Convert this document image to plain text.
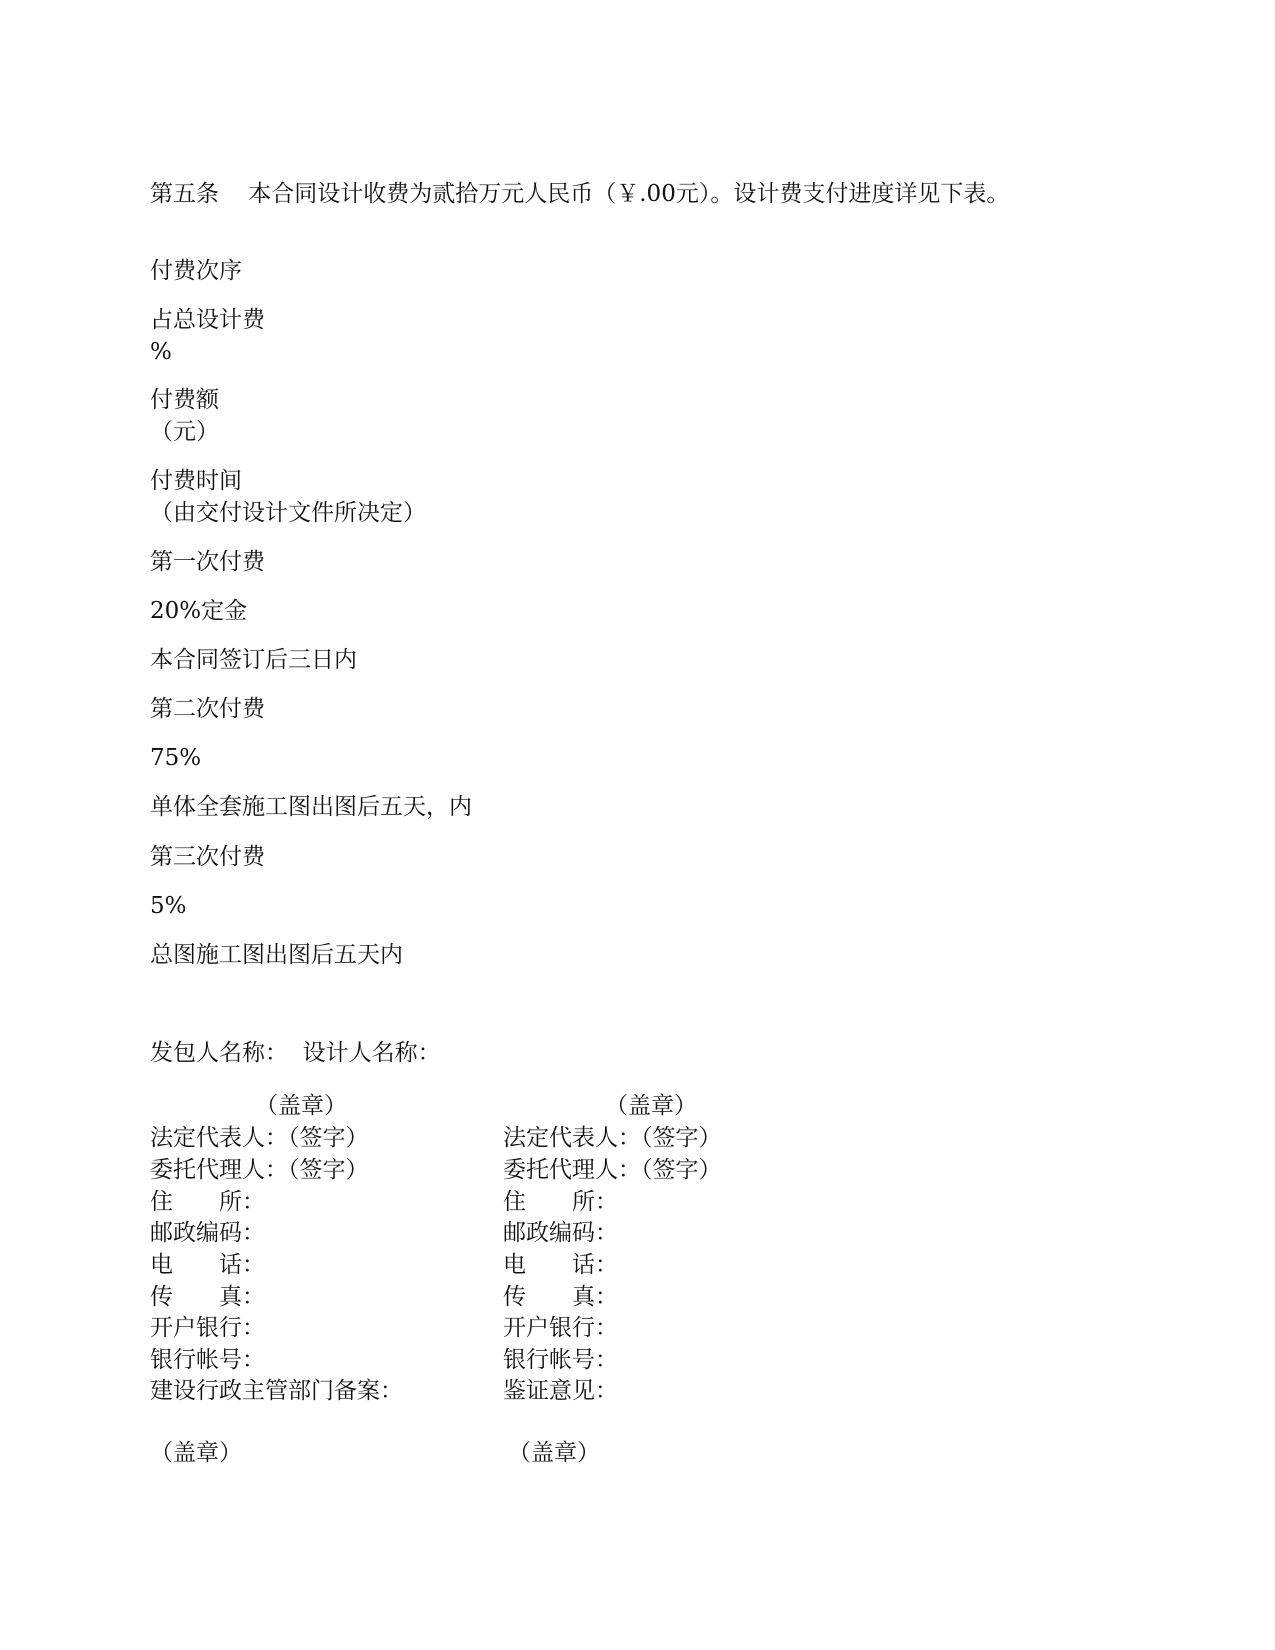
第五条 本合同设计收费为贰拾万元人民币（￥.00元）。设计费支付进度详见下表。
付费次序
占总设计费
%
付费额
（元）
付费时间
（由交付设计文件所决定）
第一次付费
20%定金
本合同签订后三日内
第二次付费
75%
单体全套施工图出图后五天，内
第三次付费
5%
总图施工图出图后五天内
发包人名称：  设计人名称：
（盖章）
法定代表人：（签字）
委托代理人：（签字）
住　　所：
邮政编码：
电　　话：
传　　真：
开户银行：
银行帐号：
建设行政主管部门备案：
（盖章）
（盖章）
法定代表人：（签字）
委托代理人：（签字）
住　　所：
邮政编码：
电　　话：
传　　真：
开户银行：
银行帐号：
鉴证意见：
（盖章）
